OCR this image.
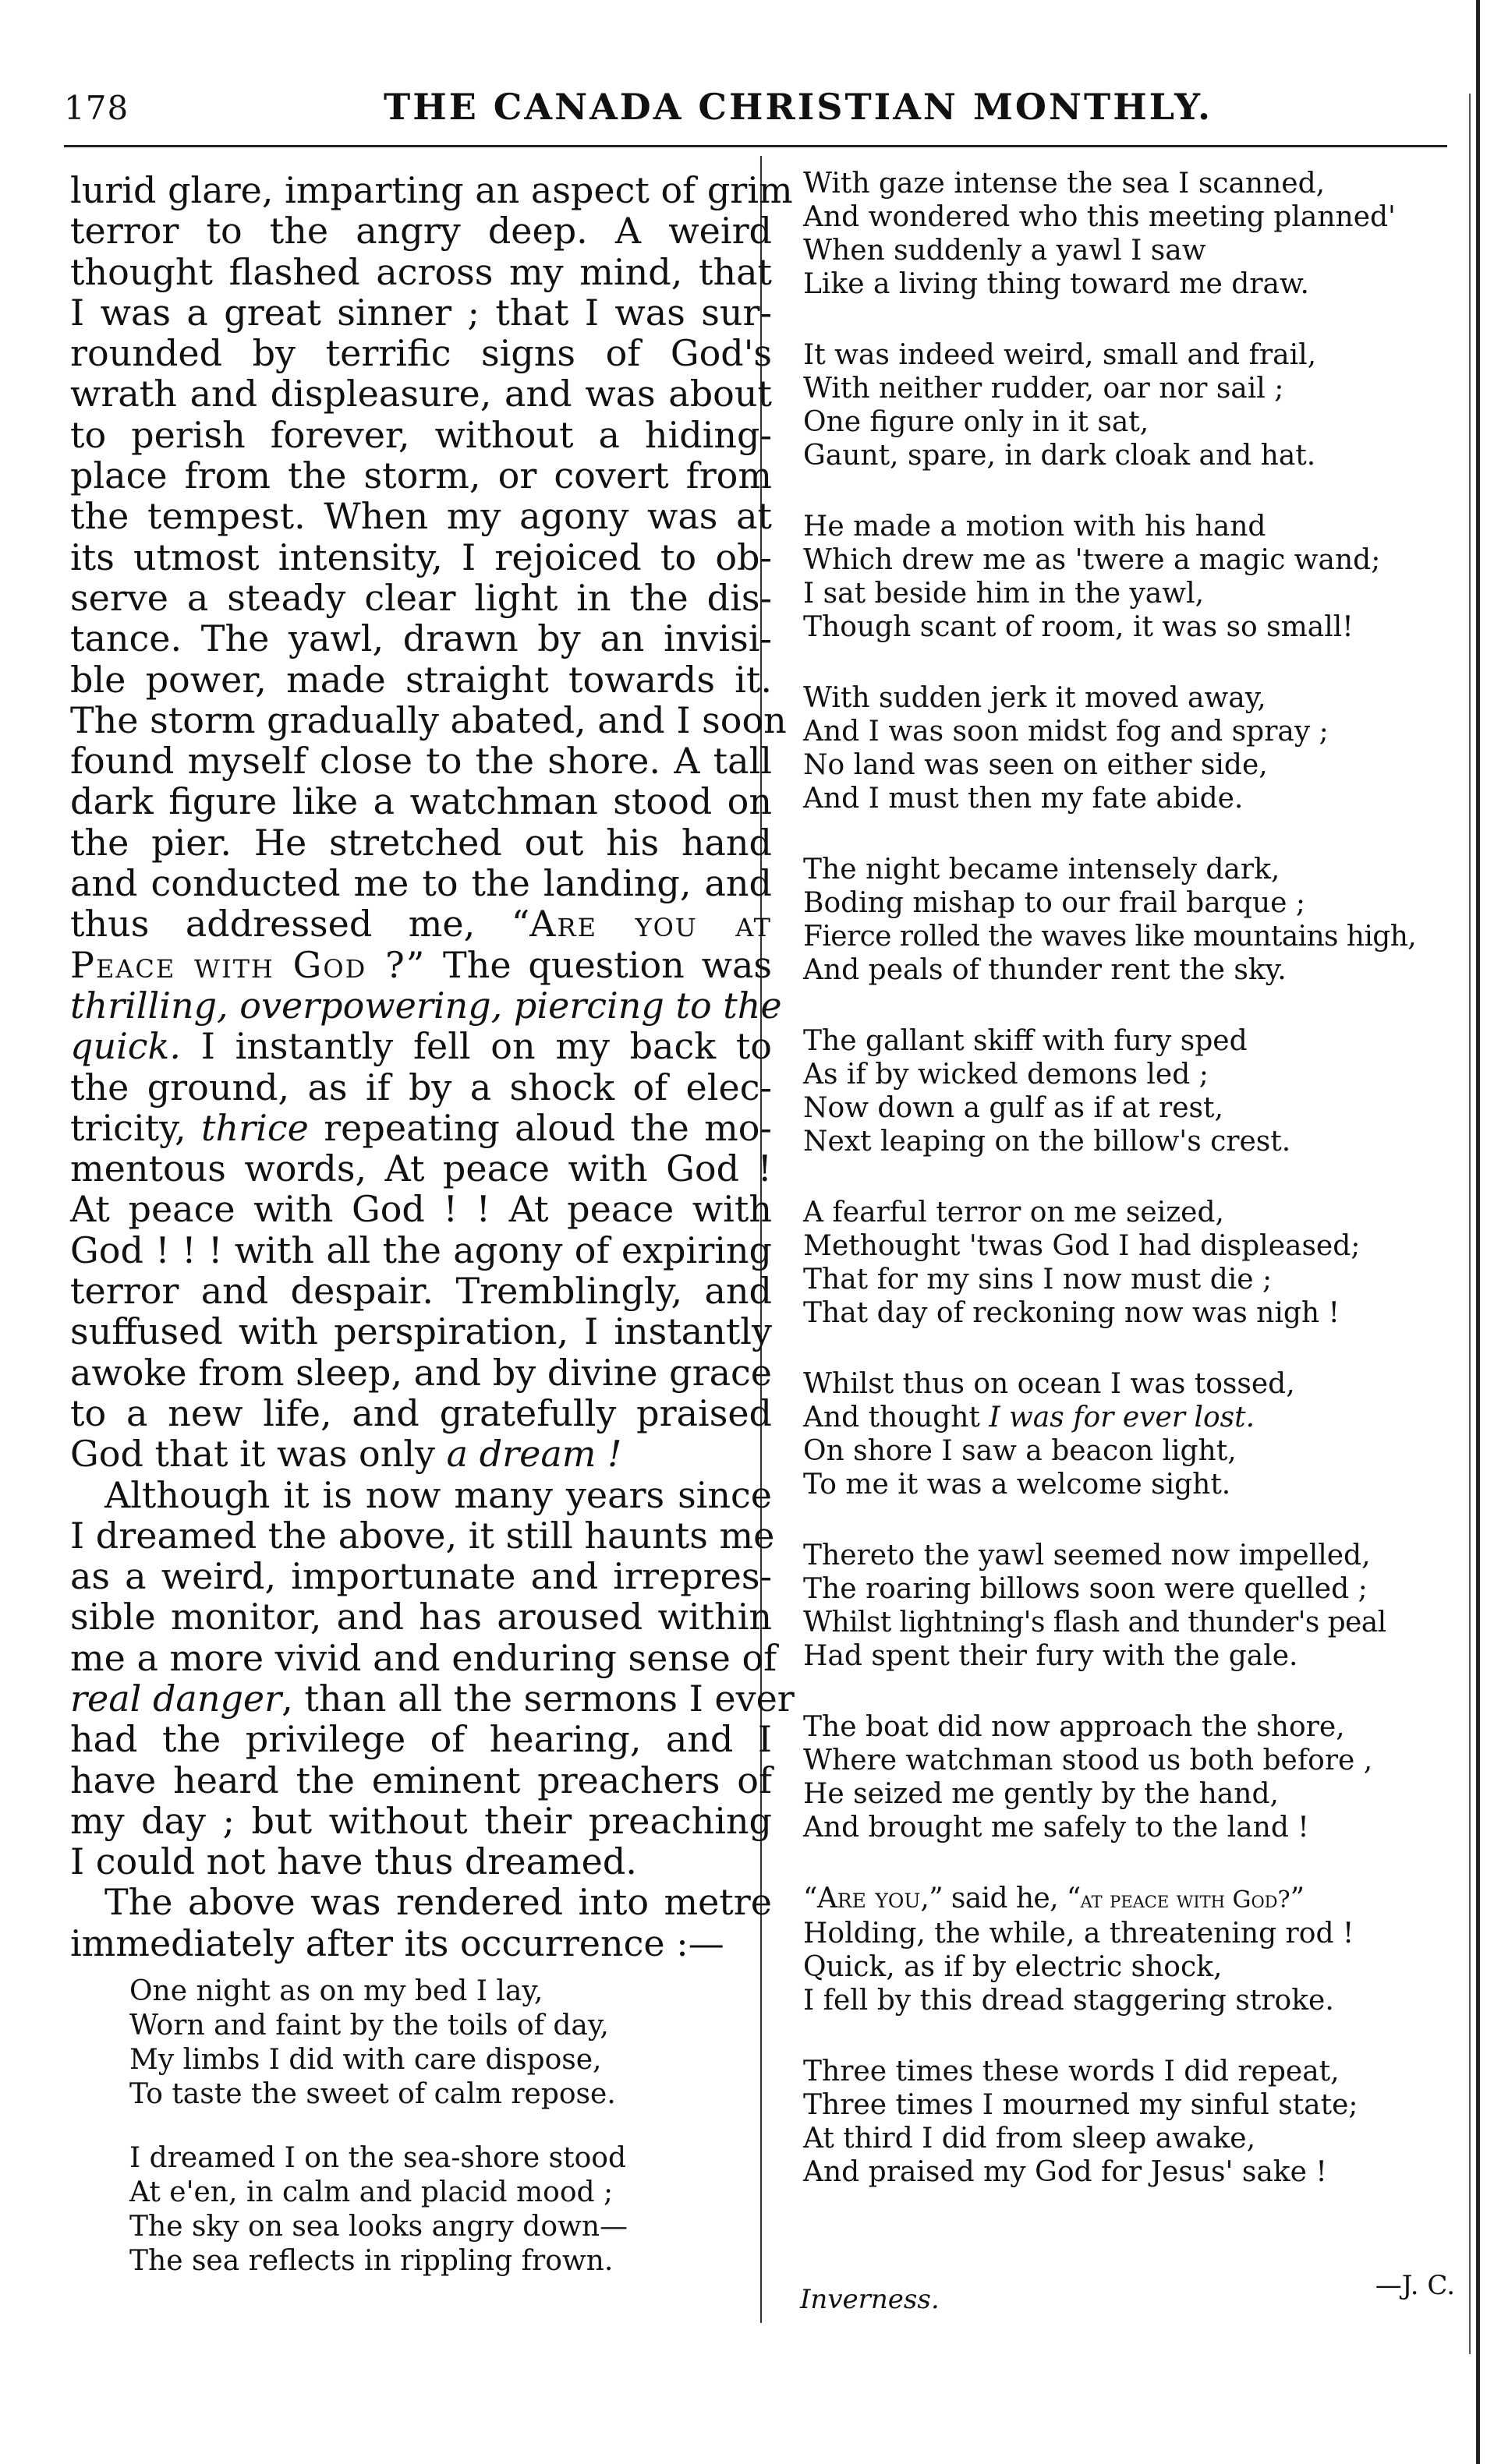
178	THE CANADA CHRISTIAN MONTHLY.
lurid glare, imparting an aspect of grim
terror to the angry deep. A weird
thought flashed across my mind, that
I was a great sinner ; that I was sur-
rounded by terrific signs of God's
wrath and displeasure, and was about
to perish forever, without a hiding-
place from the storm, or covert from
the tempest. When my agony was at
its utmost intensity, I rejoiced to ob-
serve a steady clear light in the dis-
tance. The yawl, drawn by an invisi-
ble power, made straight towards it.
The storm gradually abated, and I soon
found myself close to the shore. A tall
dark figure like a watchman stood on
the pier. He stretched out his hand
and conducted me to the landing, and
thus addressed me, “Are you at
Peace with God ?” The question was
thrilling, overpowering, piercing to the
quick. I instantly fell on my back to
the ground, as if by a shock of elec-
tricity, thrice repeating aloud the mo-
mentous words, At peace with God !
At peace with God ! ! At peace with
God ! ! ! with all the agony of expiring
terror and despair. Tremblingly, and
suffused with perspiration, I instantly
awoke from sleep, and by divine grace
to a new life, and gratefully praised
God that it was only a dream !
Although it is now many years since
I dreamed the above, it still haunts me
as a weird, importunate and irrepres-
sible monitor, and has aroused within
me a more vivid and enduring sense of
real danger, than all the sermons I ever
had the privilege of hearing, and I
have heard the eminent preachers of
my day ; but without their preaching
I could not have thus dreamed.
The above was rendered into metre
immediately after its occurrence :—
One night as on my bed I lay,
Worn and faint by the toils of day,
My limbs I did with care dispose,
To taste the sweet of calm repose.
I dreamed I on the sea-shore stood
At e'en, in calm and placid mood ;
The sky on sea looks angry down—
The sea reflects in rippling frown.
With gaze intense the sea I scanned,
And wondered who this meeting planned'
When suddenly a yawl I saw
Like a living thing toward me draw.
It was indeed weird, small and frail,
With neither rudder, oar nor sail ;
One figure only in it sat,
Gaunt, spare, in dark cloak and hat.
He made a motion with his hand
Which drew me as 'twere a magic wand;
I sat beside him in the yawl,
Though scant of room, it was so small!
With sudden jerk it moved away,
And I was soon midst fog and spray ;
No land was seen on either side,
And I must then my fate abide.
The night became intensely dark,
Boding mishap to our frail barque ;
Fierce rolled the waves like mountains high,
And peals of thunder rent the sky.
The gallant skiff with fury sped
As if by wicked demons led ;
Now down a gulf as if at rest,
Next leaping on the billow's crest.
A fearful terror on me seized,
Methought 'twas God I had displeased;
That for my sins I now must die ;
That day of reckoning now was nigh !
Whilst thus on ocean I was tossed,
And thought I was for ever lost.
On shore I saw a beacon light,
To me it was a welcome sight.
Thereto the yawl seemed now impelled,
The roaring billows soon were quelled ;
Whilst lightning's flash and thunder's peal
Had spent their fury with the gale.
The boat did now approach the shore,
Where watchman stood us both before ,
He seized me gently by the hand,
And brought me safely to the land !
“Are you,” said he, “at peace with God?”
Holding, the while, a threatening rod !
Quick, as if by electric shock,
I fell by this dread staggering stroke.
Three times these words I did repeat,
Three times I mourned my sinful state;
At third I did from sleep awake,
And praised my God for Jesus' sake !
Inverness.	—J. C.
